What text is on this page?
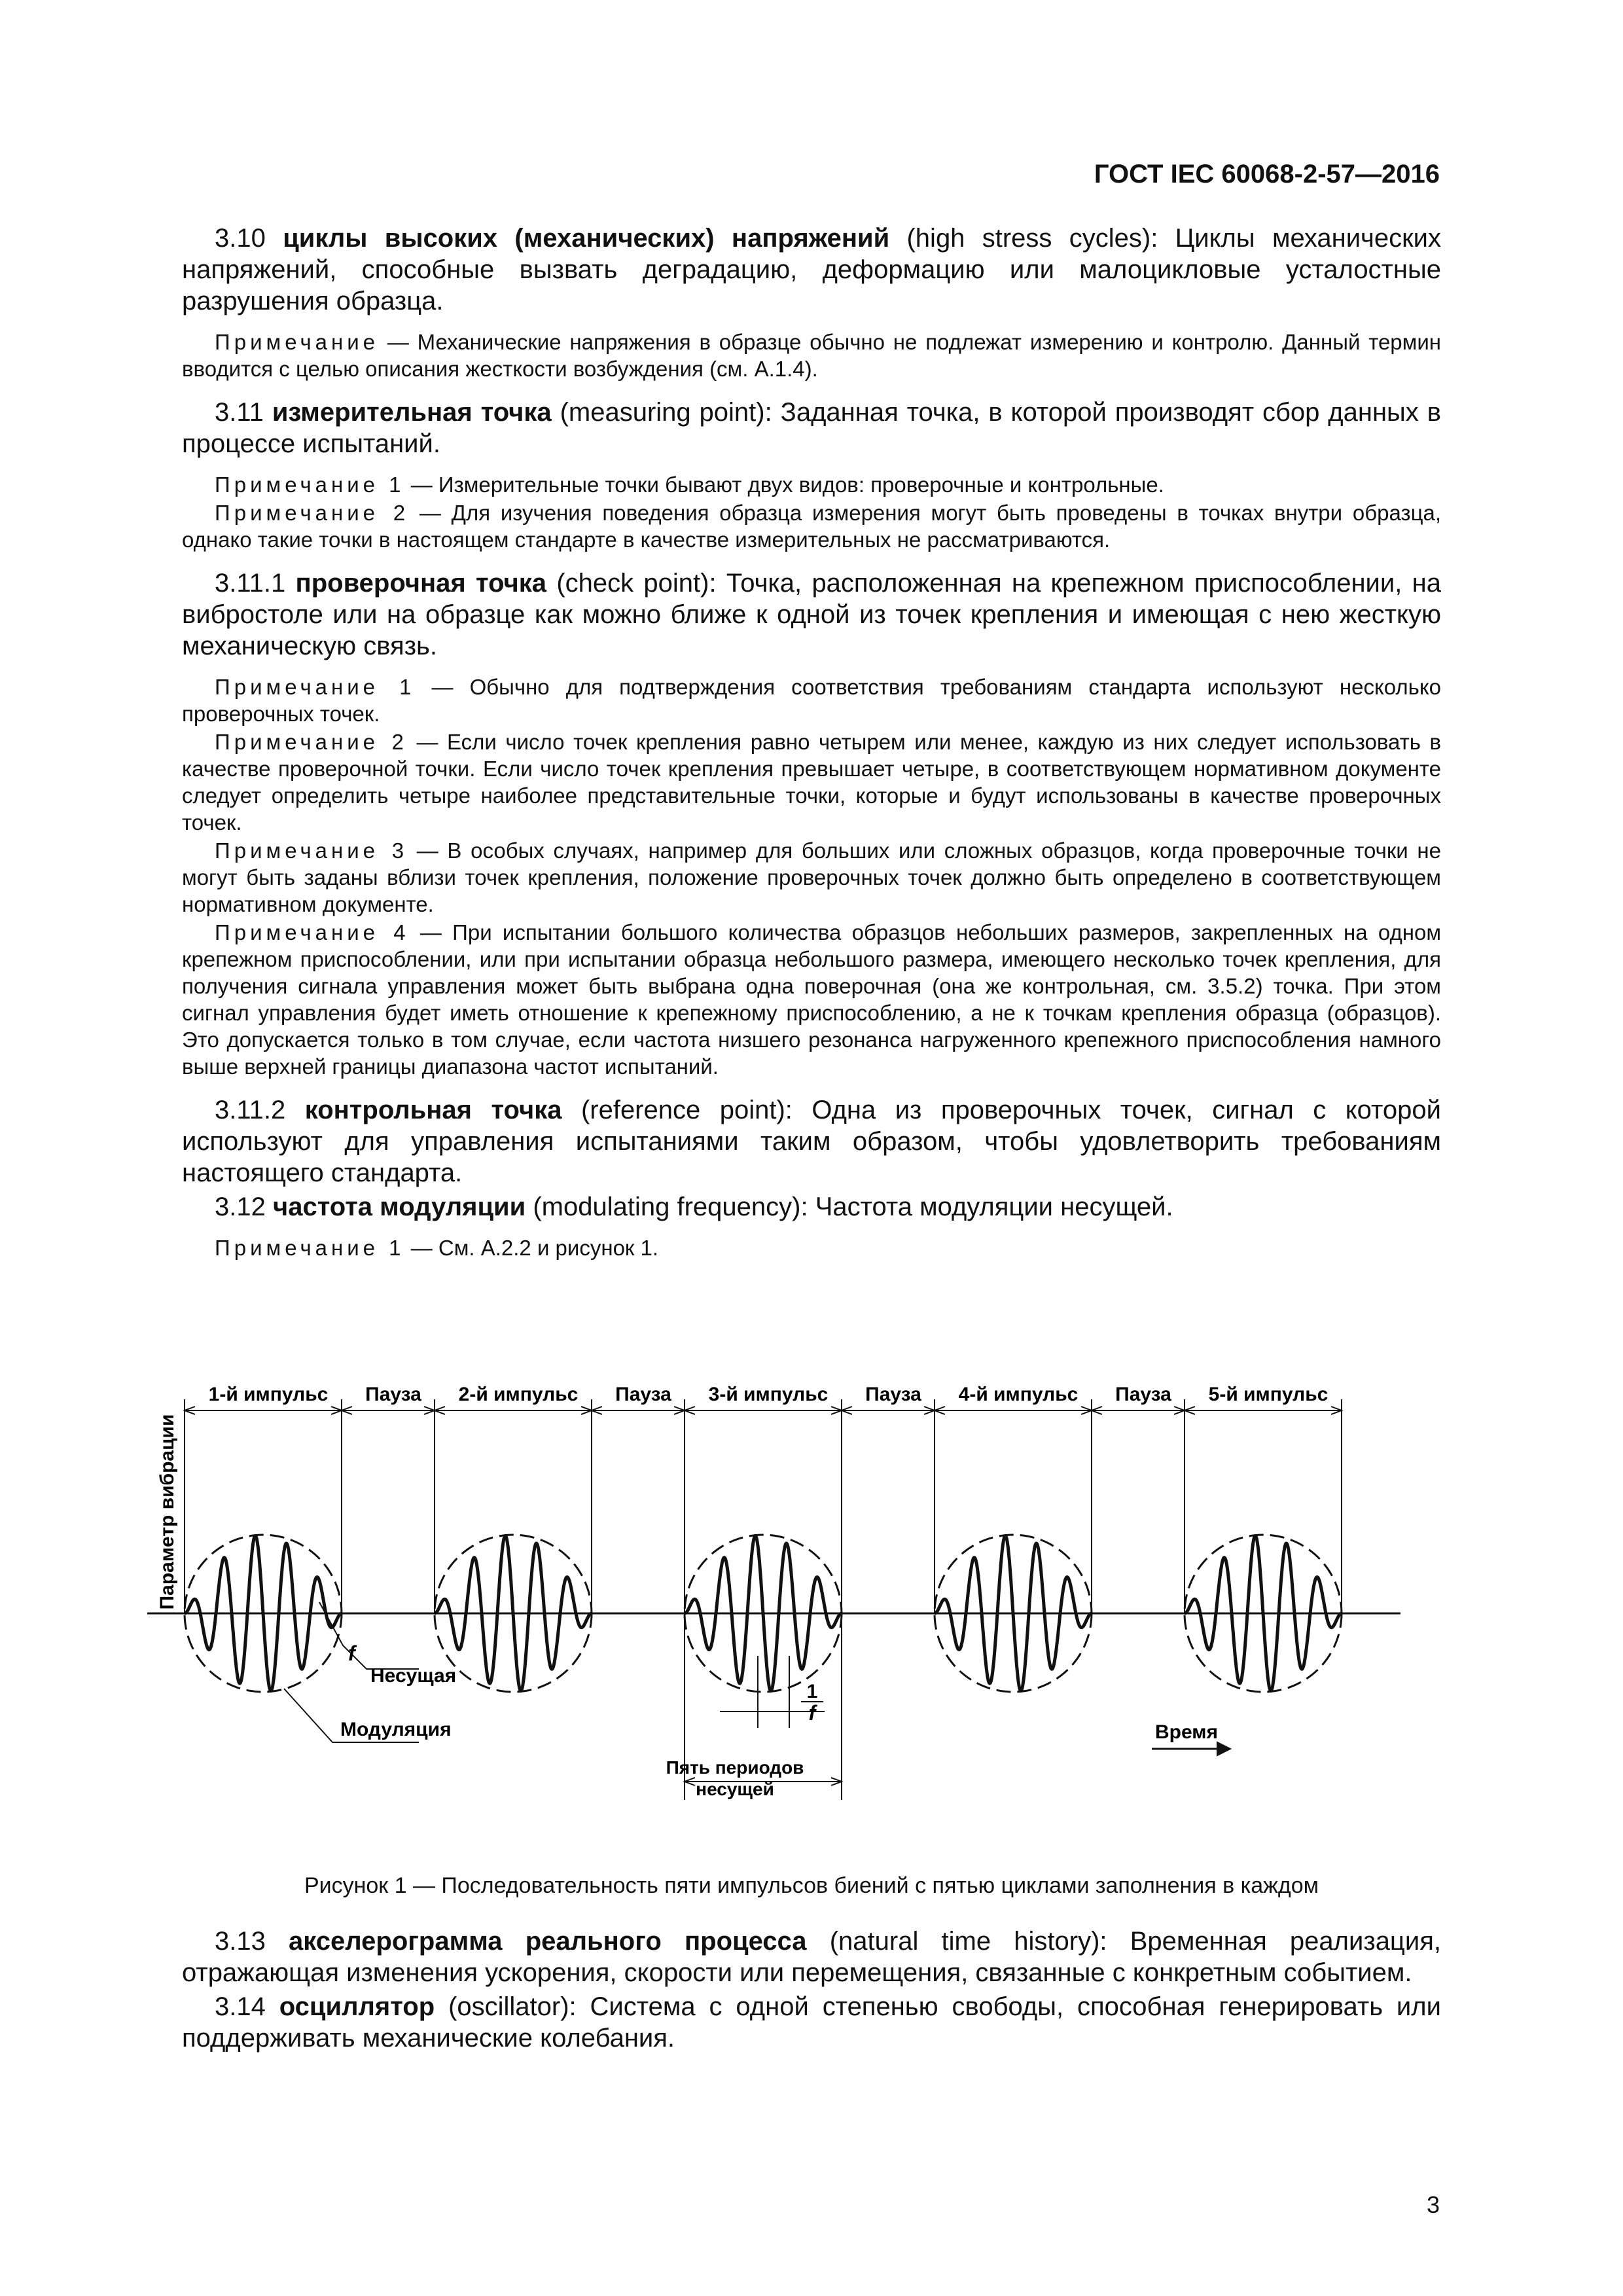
ГОСТ IEC 60068-2-57—2016

3.10 циклы высоких (механических) напряжений (high stress cycles): Циклы механических напряжений, способные вызвать деградацию, деформацию или малоцикловые усталостные разрушения образца.

Примечание — Механические напряжения в образце обычно не подлежат измерению и контролю. Данный термин вводится с целью описания жесткости возбуждения (см. А.1.4).

3.11 измерительная точка (measuring point): Заданная точка, в которой производят сбор данных в процессе испытаний.

Примечание 1 — Измерительные точки бывают двух видов: проверочные и контрольные.

Примечание 2 — Для изучения поведения образца измерения могут быть проведены в точках внутри образца, однако такие точки в настоящем стандарте в качестве измерительных не рассматриваются.

3.11.1 проверочная точка (check point): Точка, расположенная на крепежном приспособлении, на вибростоле или на образце как можно ближе к одной из точек крепления и имеющая с нею жесткую механическую связь.

Примечание 1 — Обычно для подтверждения соответствия требованиям стандарта используют несколько проверочных точек.

Примечание 2 — Если число точек крепления равно четырем или менее, каждую из них следует использовать в качестве проверочной точки. Если число точек крепления превышает четыре, в соответствующем нормативном документе следует определить четыре наиболее представительные точки, которые и будут использованы в качестве проверочных точек.

Примечание 3 — В особых случаях, например для больших или сложных образцов, когда проверочные точки не могут быть заданы вблизи точек крепления, положение проверочных точек должно быть определено в соответствующем нормативном документе.

Примечание 4 — При испытании большого количества образцов небольших размеров, закрепленных на одном крепежном приспособлении, или при испытании образца небольшого размера, имеющего несколько точек крепления, для получения сигнала управления может быть выбрана одна поверочная (она же контрольная, см. 3.5.2) точка. При этом сигнал управления будет иметь отношение к крепежному приспособлению, а не к точкам крепления образца (образцов). Это допускается только в том случае, если частота низшего резонанса нагруженного крепежного приспособления намного выше верхней границы диапазона частот испытаний.

3.11.2 контрольная точка (reference point): Одна из проверочных точек, сигнал с которой используют для управления испытаниями таким образом, чтобы удовлетворить требованиям настоящего стандарта.

3.12 частота модуляции (modulating frequency): Частота модуляции несущей.

Примечание 1 — См. А.2.2 и рисунок 1.

1-й импульс	2-й импульс	3-й импульс	4-й импульс	5-й импульс
Пауза	Пауза	Пауза	Пауза
Параметр вибрации
f
Несущая
Модуляция
1
f
Пять периодов
несущей
Время
Рисунок 1 — Последовательность пяти импульсов биений с пятью циклами заполнения в каждом

3.13 акселерограмма реального процесса (natural time history): Временная реализация, отражающая изменения ускорения, скорости или перемещения, связанные с конкретным событием.

3.14 осциллятор (oscillator): Система с одной степенью свободы, способная генерировать или поддерживать механические колебания.

3
